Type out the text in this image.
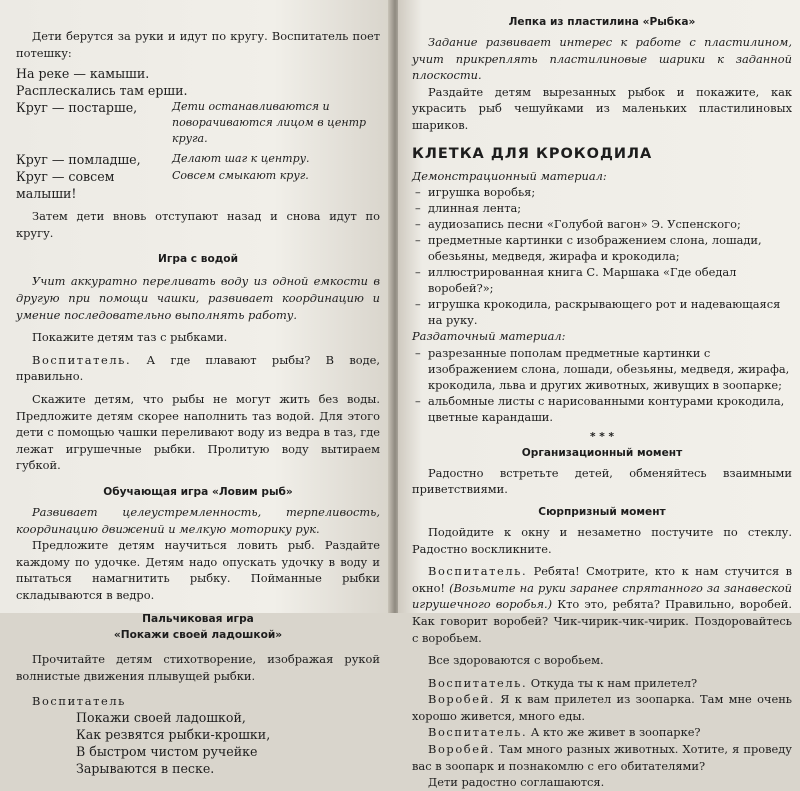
Дети берутся за руки и идут по кругу. Воспитатель поет потешку:

На реке — камыши.

Расплескались там ерши.

Круг — постарше,	Дети останавливаются и поворачиваются лицом в центр круга.
Круг — помладше,	Делают шаг к центру.
Круг — совсем малыши!
Совсем смыкают круг.

Затем дети вновь отступают назад и снова идут по кругу.

Игра с водой

Учит аккуратно переливать воду из одной емкости в другую при помощи чашки, развивает координацию и умение последовательно выполнять работу.

Покажите детям таз с рыбками.

Воспитатель. А где плавают рыбы? В воде, правильно.

Скажите детям, что рыбы не могут жить без воды. Предложите детям скорее наполнить таз водой. Для этого дети с помощью чашки переливают воду из ведра в таз, где лежат игрушечные рыбки. Пролитую воду вытираем губкой.

Обучающая игра «Ловим рыб»

Развивает целеустремленность, терпеливость, координацию движений и мелкую моторику рук.

Предложите детям научиться ловить рыб. Раздайте каждому по удочке. Детям надо опускать удочку в воду и пытаться намагнитить рыбку. Пойманные рыбки складываются в ведро.

Пальчиковая игра
«Покажи своей ладошкой»

Прочитайте детям стихотворение, изображая рукой волнистые движения плывущей рыбки.

Воспитатель

Покажи своей ладошкой,

Как резвятся рыбки-крошки,

В быстром чистом ручейке

Зарываются в песке.

Лепка из пластилина «Рыбка»

Задание развивает интерес к работе с пластилином, учит прикреплять пластилиновые шарики к заданной плоскости.

Раздайте детям вырезанных рыбок и покажите, как украсить рыб чешуйками из маленьких пластилиновых шариков.

КЛЕТКА ДЛЯ КРОКОДИЛА

Демонстрационный материал:

– игрушка воробья;
– длинная лента;
– аудиозапись песни «Голубой вагон» Э. Успенского;
– предметные картинки с изображением слона, лошади, обезьяны, медведя, жирафа и крокодила;
– иллюстрированная книга С. Маршака «Где обедал воробей?»;
– игрушка крокодила, раскрывающего рот и надевающаяся на руку.

Раздаточный материал:

– разрезанные пополам предметные картинки с изображением слона, лошади, обезьяны, медведя, жирафа, крокодила, льва и других животных, живущих в зоопарке;
– альбомные листы с нарисованными контурами крокодила, цветные карандаши.
* * *
Организационный момент

Радостно встретьте детей, обменяйтесь взаимными приветствиями.

Сюрпризный момент

Подойдите к окну и незаметно постучите по стеклу. Радостно воскликните.

Воспитатель. Ребята! Смотрите, кто к нам стучится в окно! (Возьмите на руки заранее спрятанного за занавеской игрушечного воробья.) Кто это, ребята? Правильно, воробей. Как говорит воробей? Чик-чирик-чик-чирик. Поздоровайтесь с воробьем.

Все здороваются с воробьем.

Воспитатель. Откуда ты к нам прилетел?

Воробей. Я к вам прилетел из зоопарка. Там мне очень хорошо живется, много еды.

Воспитатель. А кто же живет в зоопарке?

Воробей. Там много разных животных. Хотите, я проведу вас в зоопарк и познакомлю с его обитателями?

Дети радостно соглашаются.
